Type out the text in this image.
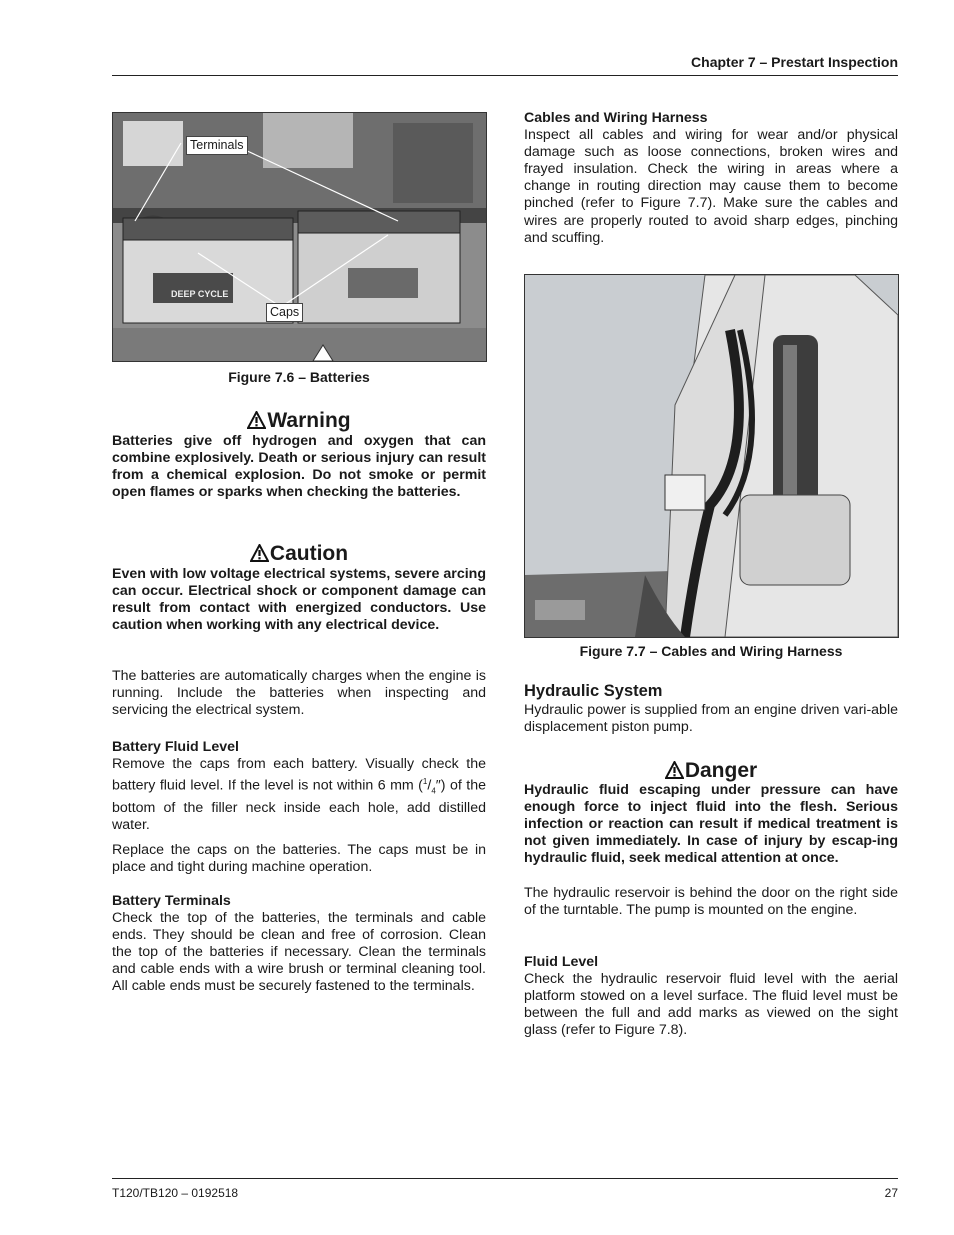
Chapter 7 – Prestart Inspection
DEEP CYCLE
Terminals
Caps
Figure 7.6 – Batteries
Warning
Batteries give off hydrogen and oxygen that can combine explosively. Death or serious injury can result from a chemical explosion. Do not smoke or permit open flames or sparks when checking the batteries.
Caution
Even with low voltage electrical systems, severe arcing can occur. Electrical shock or component damage can result from contact with energized conductors. Use caution when working with any electrical device.
The batteries are automatically charges when the engine is running. Include the batteries when inspecting and servicing the electrical system.

Battery Fluid Level

Remove the caps from each battery. Visually check the battery fluid level. If the level is not within 6 mm $(^1/_4'')$ of the bottom of the filler neck inside each hole, add distilled water.

Replace the caps on the batteries. The caps must be in place and tight during machine operation.

Battery Terminals

Check the top of the batteries, the terminals and cable ends. They should be clean and free of corrosion. Clean the top of the batteries if necessary. Clean the terminals and cable ends with a wire brush or terminal cleaning tool. All cable ends must be securely fastened to the terminals.

Cables and Wiring Harness

Inspect all cables and wiring for wear and/or physical damage such as loose connections, broken wires and frayed insulation. Check the wiring in areas where a change in routing direction may cause them to become pinched (refer to Figure 7.7). Make sure the cables and wires are properly routed to avoid sharp edges, pinching and scuffing.

Figure 7.7 – Cables and Wiring Harness
Hydraulic System
Hydraulic power is supplied from an engine driven vari-able displacement piston pump.
Danger
Hydraulic fluid escaping under pressure can have enough force to inject fluid into the flesh. Serious infection or reaction can result if medical treatment is not given immediately. In case of injury by escap-ing hydraulic fluid, seek medical attention at once.
The hydraulic reservoir is behind the door on the right side of the turntable. The pump is mounted on the engine.

Fluid Level

Check the hydraulic reservoir fluid level with the aerial platform stowed on a level surface. The fluid level must be between the full and add marks as viewed on the sight glass (refer to Figure 7.8).

T120/TB120 – 0192518	27
